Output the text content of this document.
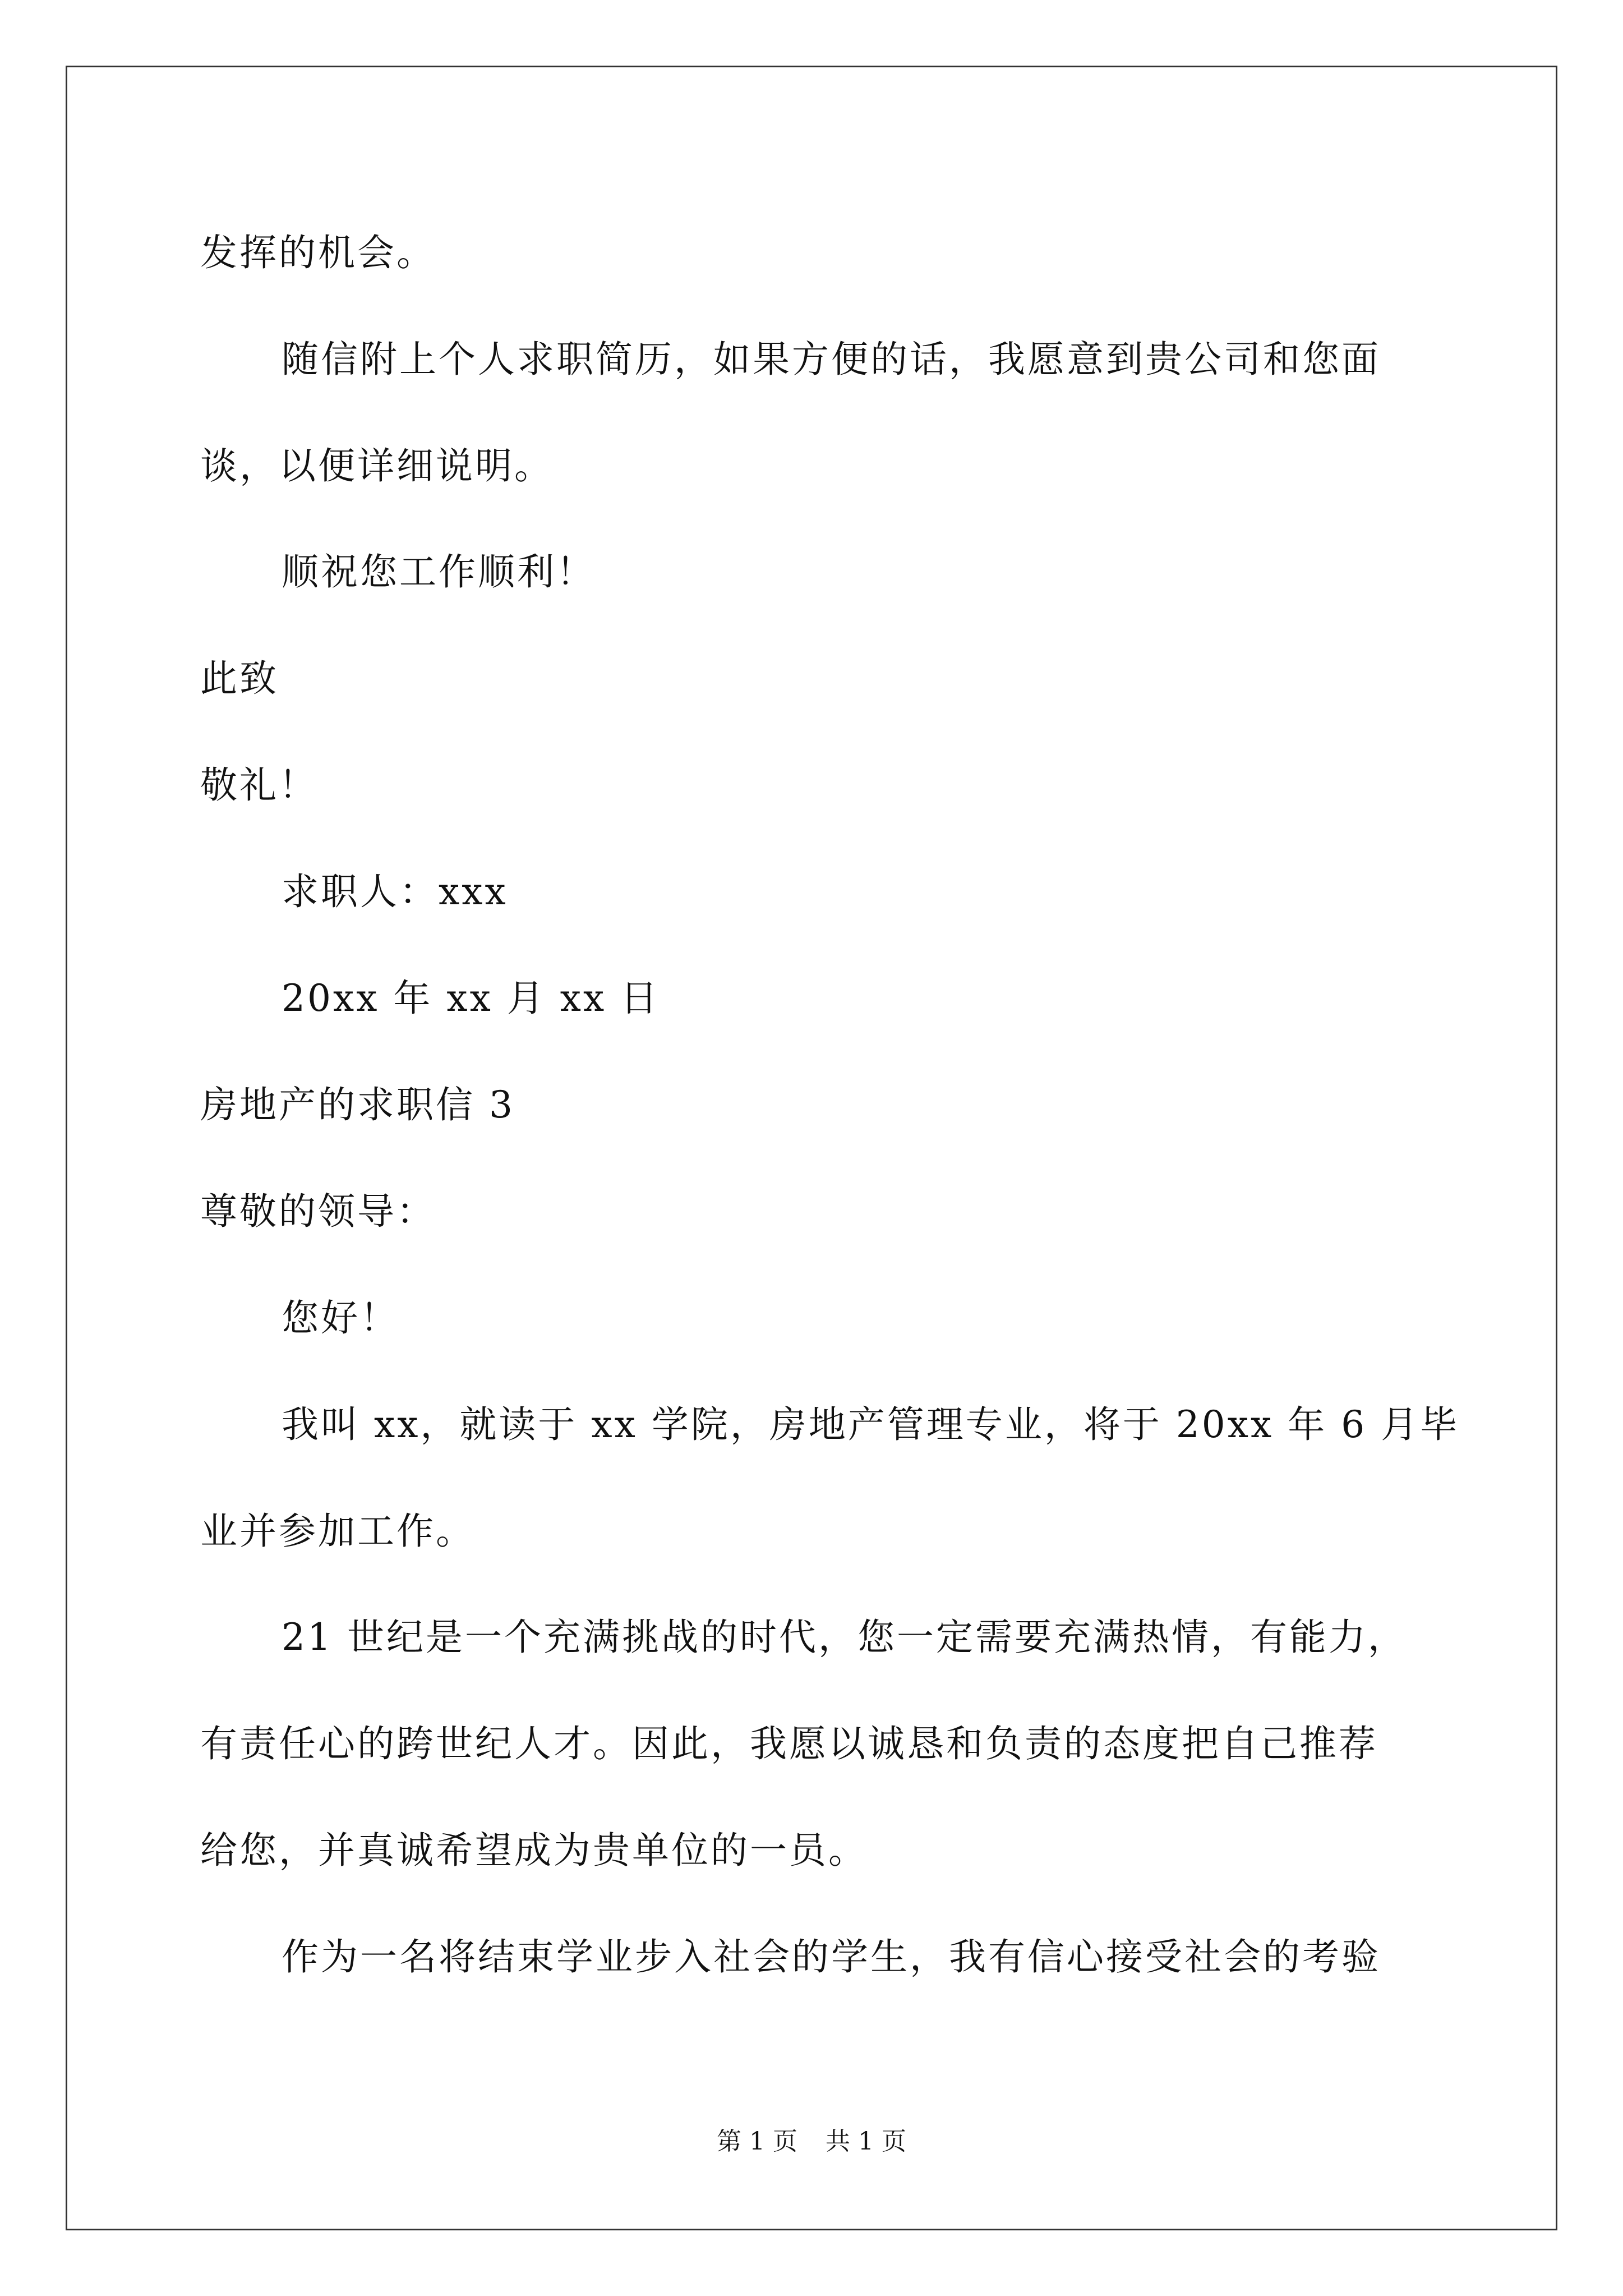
发挥的机会。
随信附上个人求职简历，如果方便的话，我愿意到贵公司和您面
谈，以便详细说明。
顺祝您工作顺利！
此致
敬礼！
求职人：xxx
20xx 年 xx 月 xx 日
房地产的求职信 3
尊敬的领导：
您好！
我叫 xx，就读于 xx 学院，房地产管理专业，将于 20xx 年 6 月毕
业并参加工作。
21 世纪是一个充满挑战的时代，您一定需要充满热情，有能力，
有责任心的跨世纪人才。因此，我愿以诚恳和负责的态度把自己推荐
给您，并真诚希望成为贵单位的一员。
作为一名将结束学业步入社会的学生，我有信心接受社会的考验
第 1 页 共 1 页
